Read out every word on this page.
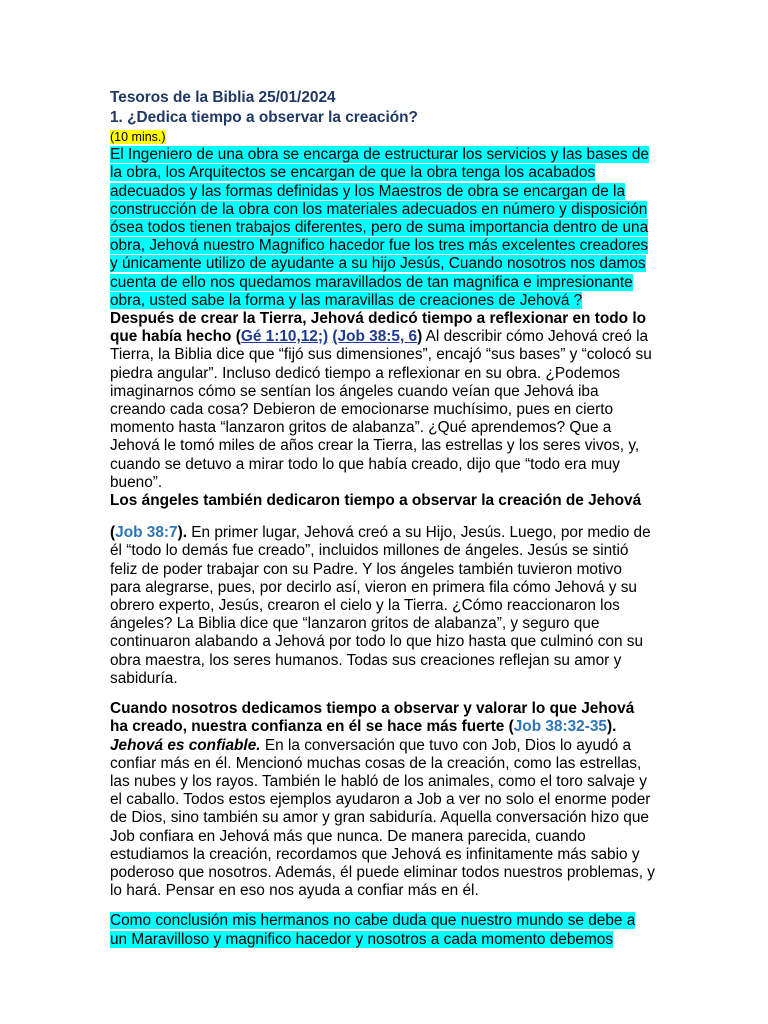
Tesoros de la Biblia 25/01/2024
1. ¿Dedica tiempo a observar la creación?
(10 mins.)

El Ingeniero de una obra se encarga de estructurar los servicios y las bases de la obra, los Arquitectos se encargan de que la obra tenga los acabados adecuados y las formas definidas y los Maestros de obra se encargan de la construcción de la obra con los materiales adecuados en número y disposición ósea todos tienen trabajos diferentes, pero de suma importancia dentro de una obra, Jehová nuestro Magnifico hacedor fue los tres más excelentes creadores y únicamente utilizo de ayudante a su hijo Jesús, Cuando nosotros nos damos cuenta de ello nos quedamos maravillados de tan magnifica e impresionante obra, usted sabe la forma y las maravillas de creaciones de Jehová ?

Después de crear la Tierra, Jehová dedicó tiempo a reflexionar en todo lo que había hecho (Gé 1:10,12;) (Job 38:5, 6) Al describir cómo Jehová creó la Tierra, la Biblia dice que “fijó sus dimensiones”, encajó “sus bases” y “colocó su piedra angular”. Incluso dedicó tiempo a reflexionar en su obra. ¿Podemos imaginarnos cómo se sentían los ángeles cuando veían que Jehová iba creando cada cosa? Debieron de emocionarse muchísimo, pues en cierto momento hasta “lanzaron gritos de alabanza”. ¿Qué aprendemos? Que a Jehová le tomó miles de años crear la Tierra, las estrellas y los seres vivos, y, cuando se detuvo a mirar todo lo que había creado, dijo que “todo era muy bueno”.

Los ángeles también dedicaron tiempo a observar la creación de Jehová

(Job 38:7). En primer lugar, Jehová creó a su Hijo, Jesús. Luego, por medio de él “todo lo demás fue creado”, incluidos millones de ángeles. Jesús se sintió feliz de poder trabajar con su Padre. Y los ángeles también tuvieron motivo para alegrarse, pues, por decirlo así, vieron en primera fila cómo Jehová y su obrero experto, Jesús, crearon el cielo y la Tierra. ¿Cómo reaccionaron los ángeles? La Biblia dice que “lanzaron gritos de alabanza”, y seguro que continuaron alabando a Jehová por todo lo que hizo hasta que culminó con su obra maestra, los seres humanos. Todas sus creaciones reflejan su amor y sabiduría.

Cuando nosotros dedicamos tiempo a observar y valorar lo que Jehová ha creado, nuestra confianza en él se hace más fuerte (Job 38:32-35).
Jehová es confiable. En la conversación que tuvo con Job, Dios lo ayudó a confiar más en él. Mencionó muchas cosas de la creación, como las estrellas, las nubes y los rayos. También le habló de los animales, como el toro salvaje y el caballo. Todos estos ejemplos ayudaron a Job a ver no solo el enorme poder de Dios, sino también su amor y gran sabiduría. Aquella conversación hizo que Job confiara en Jehová más que nunca. De manera parecida, cuando estudiamos la creación, recordamos que Jehová es infinitamente más sabio y poderoso que nosotros. Además, él puede eliminar todos nuestros problemas, y lo hará. Pensar en eso nos ayuda a confiar más en él.

Como conclusión mis hermanos no cabe duda que nuestro mundo se debe a un Maravilloso y magnifico hacedor y nosotros a cada momento debemos
